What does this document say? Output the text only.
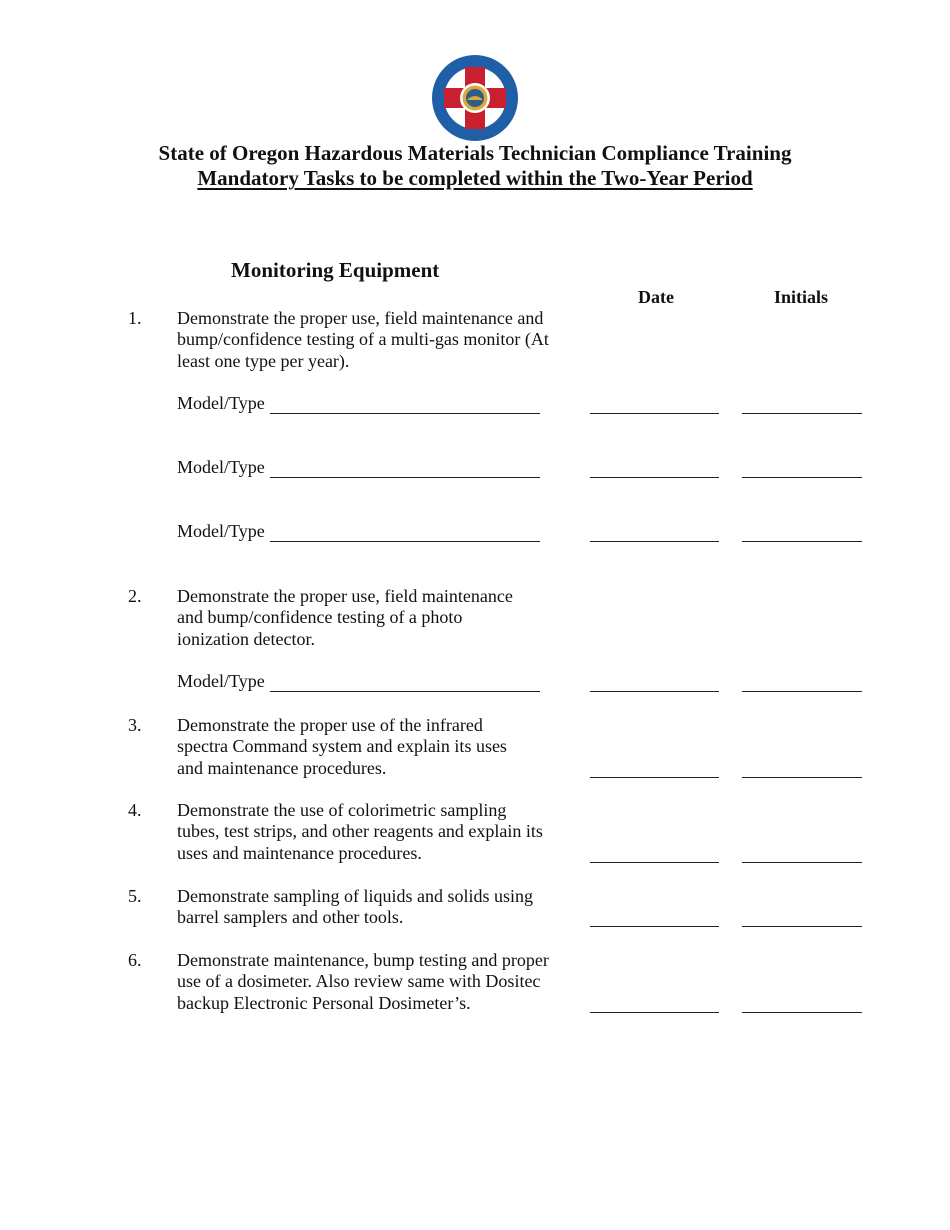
State of Oregon Hazardous Materials Technician Compliance Training
Mandatory Tasks to be completed within the Two-Year Period
Monitoring Equipment
Date	Initials
1. Demonstrate the proper use, field maintenance and bump/confidence testing of a multi-gas monitor (At least one type per year).
Model/Type
Model/Type
Model/Type
2. Demonstrate the proper use, field maintenance and bump/confidence testing of a photo ionization detector.
Model/Type
3. Demonstrate the proper use of the infrared spectra Command system and explain its uses and maintenance procedures.
4. Demonstrate the use of colorimetric sampling tubes, test strips, and other reagents and explain its uses and maintenance procedures.
5. Demonstrate sampling of liquids and solids using barrel samplers and other tools.
6. Demonstrate maintenance, bump testing and proper use of a dosimeter. Also review same with Dositec backup Electronic Personal Dosimeter’s.
